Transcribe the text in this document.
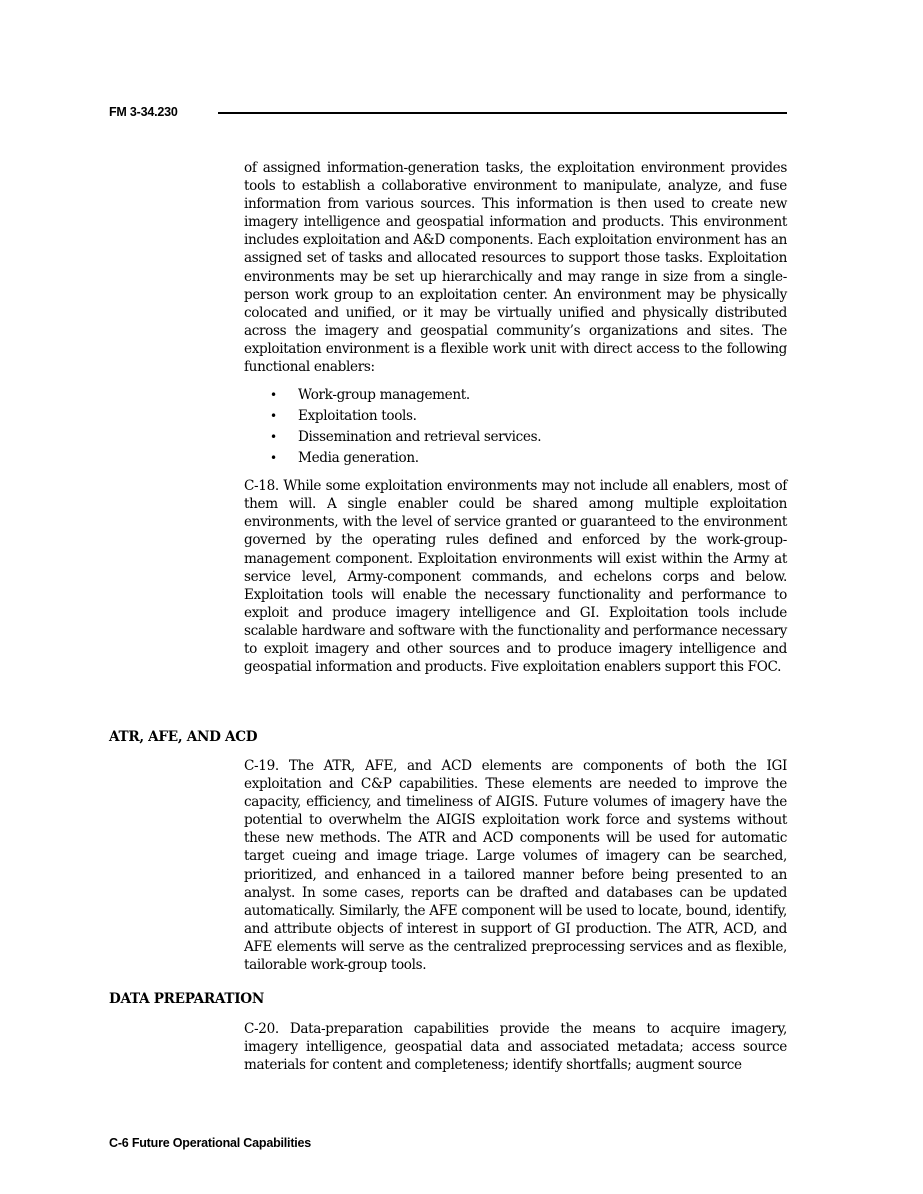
FM 3-34.230

of assigned information-generation tasks, the exploitation environment provides tools to establish a collaborative environment to manipulate, analyze, and fuse information from various sources. This information is then used to create new imagery intelligence and geospatial information and products. This environment includes exploitation and A&D components. Each exploitation environment has an assigned set of tasks and allocated resources to support those tasks. Exploitation environments may be set up hierarchically and may range in size from a single-person work group to an exploitation center. An environment may be physically colocated and unified, or it may be virtually unified and physically distributed across the imagery and geospatial community’s organizations and sites. The exploitation environment is a flexible work unit with direct access to the following functional enablers:

• Work-group management.
• Exploitation tools.
• Dissemination and retrieval services.
• Media generation.

C-18. While some exploitation environments may not include all enablers, most of them will. A single enabler could be shared among multiple exploitation environments, with the level of service granted or guaranteed to the environment governed by the operating rules defined and enforced by the work-group-management component. Exploitation environments will exist within the Army at service level, Army-component commands, and echelons corps and below. Exploitation tools will enable the necessary functionality and performance to exploit and produce imagery intelligence and GI. Exploitation tools include scalable hardware and software with the functionality and performance necessary to exploit imagery and other sources and to produce imagery intelligence and geospatial information and products. Five exploitation enablers support this FOC.

ATR, AFE, AND ACD

C-19. The ATR, AFE, and ACD elements are components of both the IGI exploitation and C&P capabilities. These elements are needed to improve the capacity, efficiency, and timeliness of AIGIS. Future volumes of imagery have the potential to overwhelm the AIGIS exploitation work force and systems without these new methods. The ATR and ACD components will be used for automatic target cueing and image triage. Large volumes of imagery can be searched, prioritized, and enhanced in a tailored manner before being presented to an analyst. In some cases, reports can be drafted and databases can be updated automatically. Similarly, the AFE component will be used to locate, bound, identify, and attribute objects of interest in support of GI production. The ATR, ACD, and AFE elements will serve as the centralized preprocessing services and as flexible, tailorable work-group tools.

DATA PREPARATION

C-20. Data-preparation capabilities provide the means to acquire imagery, imagery intelligence, geospatial data and associated metadata; access source materials for content and completeness; identify shortfalls; augment source

C-6 Future Operational Capabilities
